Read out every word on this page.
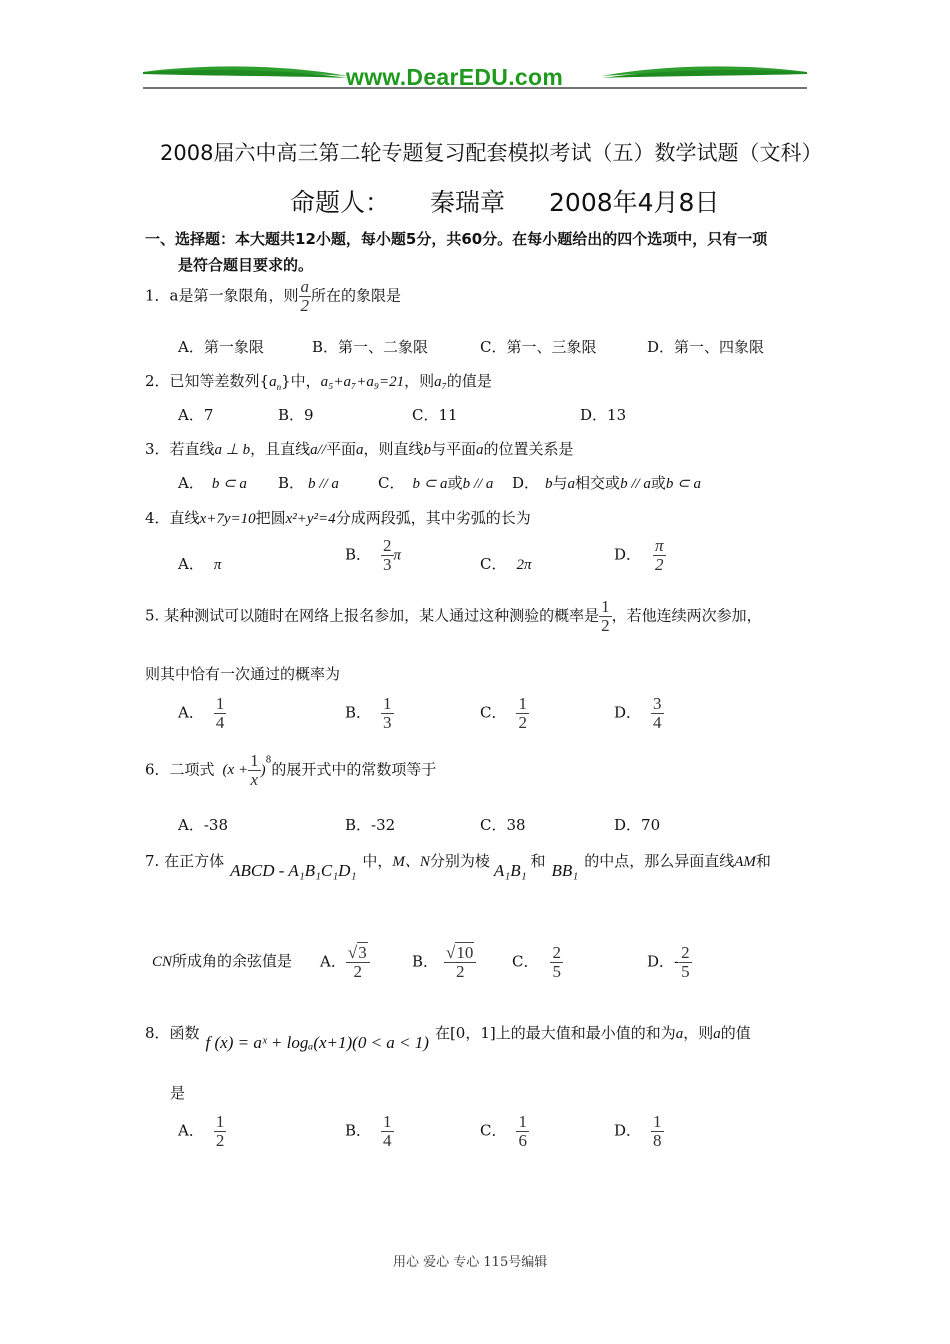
www.DearEDU.com
2008届六中高三第二轮专题复习配套模拟考试（五）数学试题（文科）
命题人： 秦瑞章 2008年4月8日
一、选择题：本大题共12小题，每小题5分，共60分。在每小题给出的四个选项中，只有一项
是符合题目要求的。
1．a是第一象限角，则 $\frac{a}{2}$ 所在的象限是
A．第一象限	B．第一、二象限	C．第一、三象限	D．第一、四象限
2．已知等差数列$\{a_n\}$中，a₅+a₇+a₉=21，则a₇的值是
A．7	B．9	C．11	D．13
3．若直线a ⊥ b，且直线a//平面a，则直线b与平面a的位置关系是
A． b ⊂ a B． b // a	C． b ⊂ a或b // a D． b与a相交或b // a或b ⊂ a
4．直线x+7y=10把圆x²+y²=4分成两段弧，其中劣弧的长为
A． π
B． $\frac{2}{3}$ π	C． 2π
D． $\frac{\pi}{2}$
5. 某种测试可以随时在网络上报名参加，某人通过这种测验的概率是 $\frac{1}{2}$ ，若他连续两次参加，
则其中恰有一次通过的概率为
A． $\frac{1}{4}$	B． $\frac{1}{3}$	C． $\frac{1}{2}$	D． $\frac{3}{4}$
6．二项式 $(x + \frac{1}{x} )^8$的展开式中的常数项等于
A．-38	B．-32	C．38	D．70
7. 在正方体 ABCD - A₁B₁C₁D₁ 中，M、N分别为棱 A₁B₁ 和 BB₁ 的中点，那么异面直线AM和
CN所成角的余弦值是 A． $\frac{√3}{2}$	B． $\frac{√10}{2}$ C． $\frac{2}{5}$	D．- $\frac{2}{5}$
8．函数 f (x) = aˣ + logₐ(x+1)(0 < a < 1) 在[0，1]上的最大值和最小值的和为a，则a的值
是
A． $\frac{1}{2}$	B． $\frac{1}{4}$	C． $\frac{1}{6}$	D． $\frac{1}{8}$
用心 爱心 专心 115号编辑
